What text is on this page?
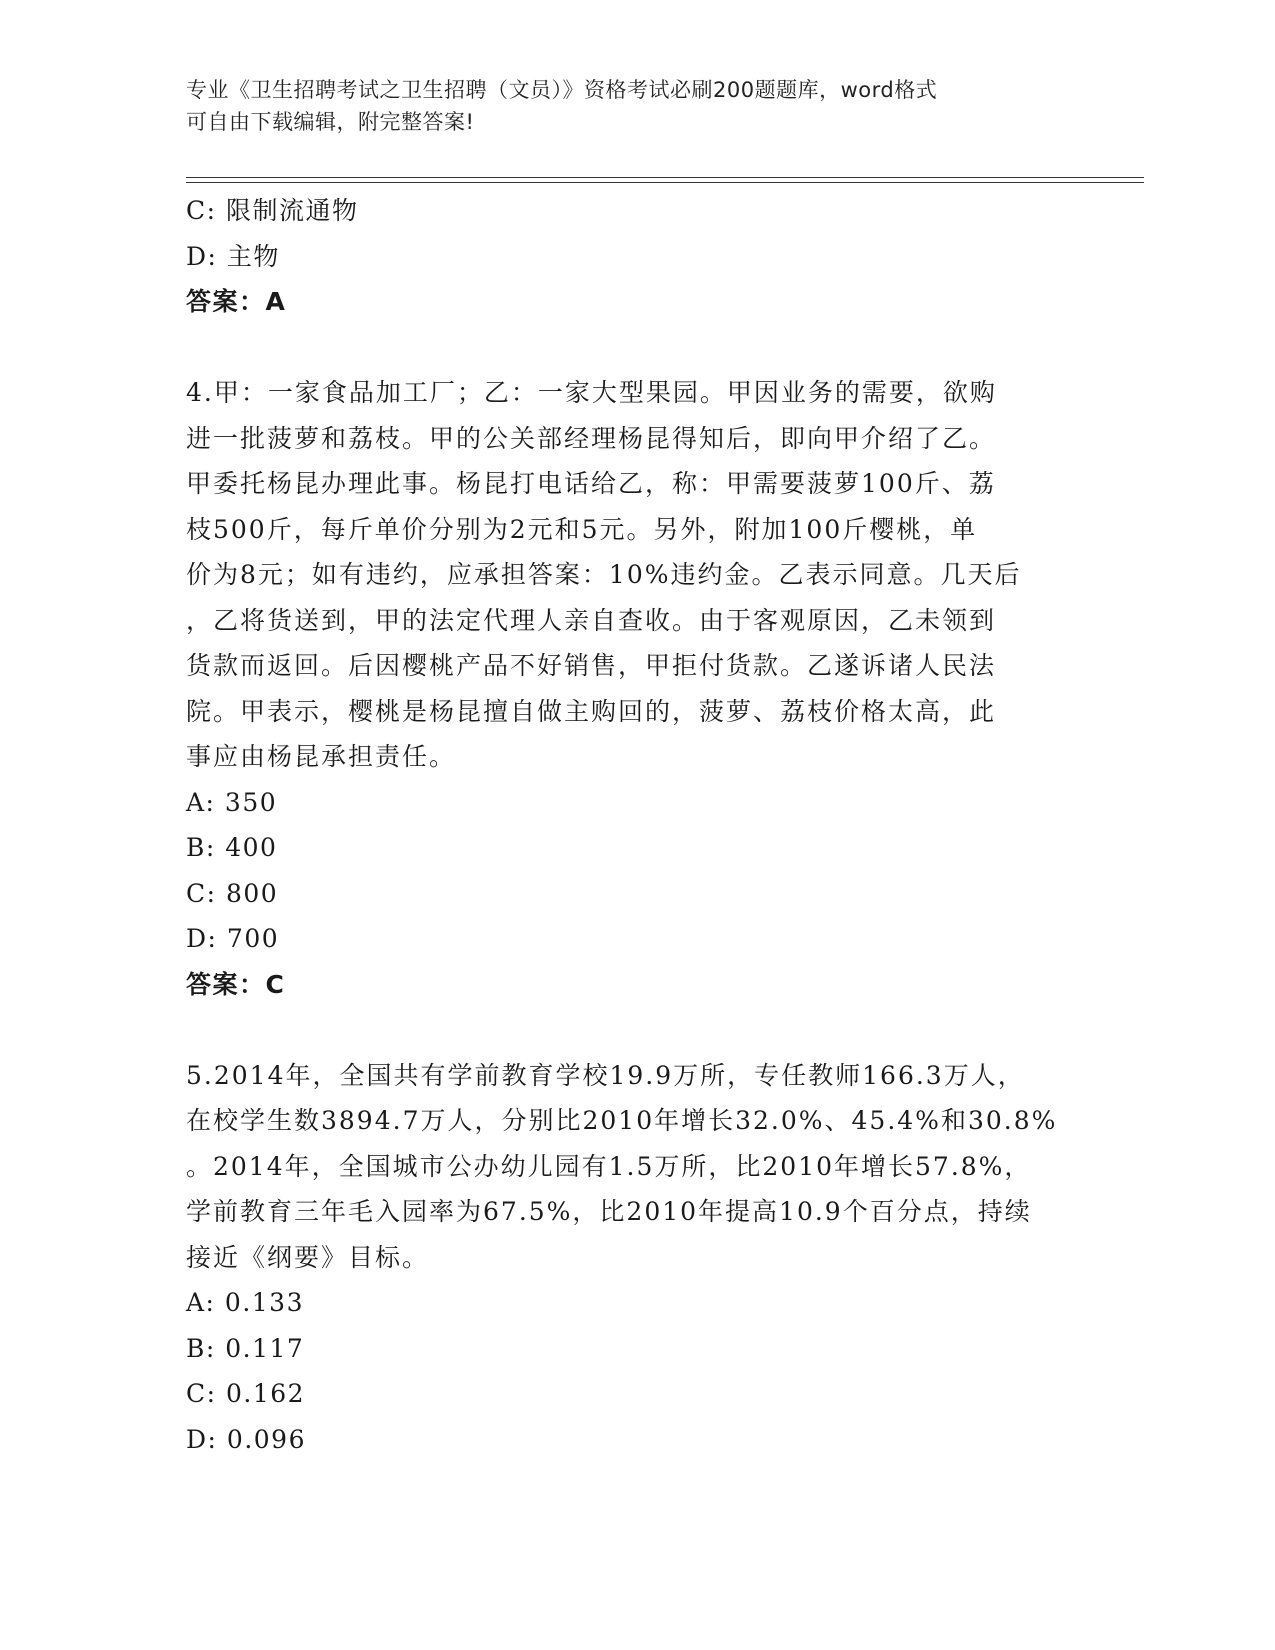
专业《卫生招聘考试之卫生招聘（文员）》资格考试必刷200题题库，word格式
可自由下载编辑，附完整答案!
C: 限制流通物
D: 主物
答案：A
4.甲：一家食品加工厂；乙：一家大型果园。甲因业务的需要，欲购
进一批菠萝和荔枝。甲的公关部经理杨昆得知后，即向甲介绍了乙。
甲委托杨昆办理此事。杨昆打电话给乙，称：甲需要菠萝100斤、荔
枝500斤，每斤单价分别为2元和5元。另外，附加100斤樱桃，单
价为8元；如有违约，应承担答案：10%违约金。乙表示同意。几天后
，乙将货送到，甲的法定代理人亲自查收。由于客观原因，乙未领到
货款而返回。后因樱桃产品不好销售，甲拒付货款。乙遂诉诸人民法
院。甲表示，樱桃是杨昆擅自做主购回的，菠萝、荔枝价格太高，此
事应由杨昆承担责任。
A: 350
B: 400
C: 800
D: 700
答案：C
5.2014年，全国共有学前教育学校19.9万所，专任教师166.3万人，
在校学生数3894.7万人，分别比2010年增长32.0%、45.4%和30.8%
。2014年，全国城市公办幼儿园有1.5万所，比2010年增长57.8%，
学前教育三年毛入园率为67.5%，比2010年提高10.9个百分点，持续
接近《纲要》目标。
A: 0.133
B: 0.117
C: 0.162
D: 0.096
